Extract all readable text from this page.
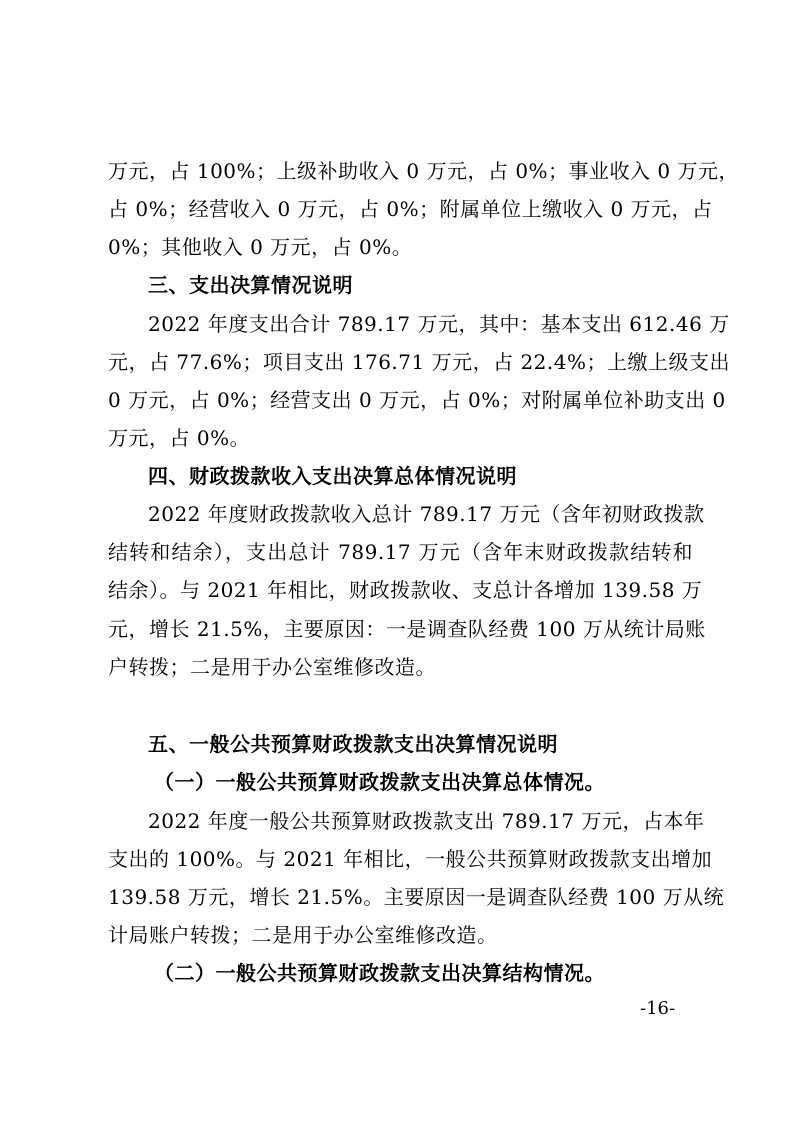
万元，占 100%；上级补助收入 0 万元，占 0%；事业收入 0 万元，
占 0%；经营收入 0 万元，占 0%；附属单位上缴收入 0 万元，占
0%；其他收入 0 万元，占 0%。
三、支出决算情况说明
2022 年度支出合计 789.17 万元，其中：基本支出 612.46 万
元，占 77.6%；项目支出 176.71 万元，占 22.4%；上缴上级支出
0 万元，占 0%；经营支出 0 万元，占 0%；对附属单位补助支出 0
万元，占 0%。
四、财政拨款收入支出决算总体情况说明
2022 年度财政拨款收入总计 789.17 万元（含年初财政拨款
结转和结余），支出总计 789.17 万元（含年末财政拨款结转和
结余）。与 2021 年相比，财政拨款收、支总计各增加 139.58 万
元，增长 21.5%，主要原因：一是调查队经费 100 万从统计局账
户转拨；二是用于办公室维修改造。
五、一般公共预算财政拨款支出决算情况说明
（一）一般公共预算财政拨款支出决算总体情况。
2022 年度一般公共预算财政拨款支出 789.17 万元，占本年
支出的 100%。与 2021 年相比，一般公共预算财政拨款支出增加
139.58 万元，增长 21.5%。主要原因一是调查队经费 100 万从统
计局账户转拨；二是用于办公室维修改造。
（二）一般公共预算财政拨款支出决算结构情况。
-16-
